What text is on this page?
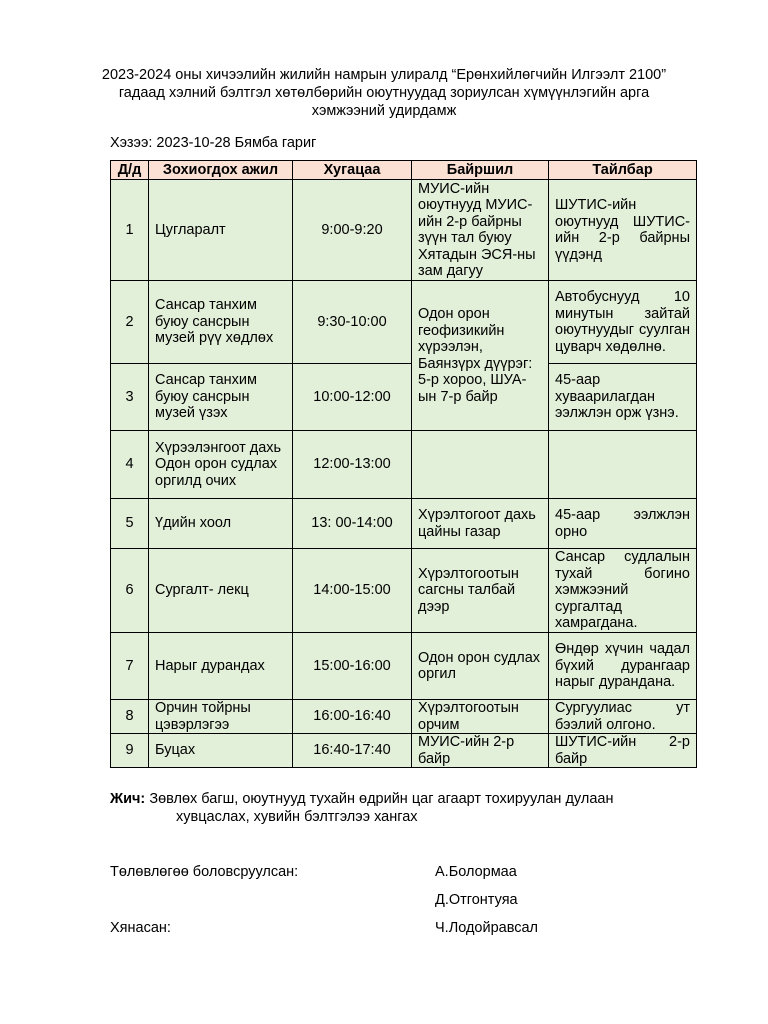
2023-2024 оны хичээлийн жилийн намрын улиралд “Ерөнхийлөгчийн Илгээлт 2100” гадаад хэлний бэлтгэл хөтөлбөрийн оюутнуудад зориулсан хүмүүнлэгийн арга хэмжээний удирдамж
Хэзээ: 2023-10-28 Бямба гариг
Д/д	Зохиогдох ажил	Хугацаа	Байршил	Тайлбар
1	Цугларалт	9:00-9:20	МУИС-ийн оюутнууд МУИС-ийн 2-р байрны зүүн тал буюу Хятадын ЭСЯ-ны зам дагуу	ШУТИС-ийн оюутнууд ШУТИС-ийн 2-р байрны үүдэнд
2	Сансар танхим буюу сансрын музей рүү хөдлөх	9:30-10:00	Одон орон геофизикийн хүрээлэн, Баянзүрх дүүрэг: 5-р хороо, ШУА-ын 7-р байр	Автобуснууд 10 минутын зайтай оюутнуудыг суулган цуварч хөдөлнө.
3	Сансар танхим буюу сансрын музей үзэх	10:00-12:00		45-аар хуваарилагдан ээлжлэн орж үзнэ.
4	Хүрээлэнгоот дахь Одон орон судлах оргилд очих	12:00-13:00		
5	Үдийн хоол	13: 00-14:00	Хүрэлтогоот дахь цайны газар	45-аар ээлжлэн орно
6	Сургалт- лекц	14:00-15:00	Хүрэлтогоотын сагсны талбай дээр	Сансар судлалын тухай богино хэмжээний сургалтад хамрагдана.
7	Нарыг дурандах	15:00-16:00	Одон орон судлах оргил	Өндөр хүчин чадал бүхий дурангаар нарыг дурандана.
8	Орчин тойрны цэвэрлэгээ	16:00-16:40	Хүрэлтогоотын орчим	Сургуулиас ут бээлий олгоно.
9	Буцах	16:40-17:40	МУИС-ийн 2-р байр	ШУТИС-ийн 2-р байр
Жич: Зөвлөх багш, оюутнууд тухайн өдрийн цаг агаарт тохируулан дулаан
хувцаслах, хувийн бэлтгэлээ хангах
Төлөвлөгөө боловсруулсан:	А.Болормаа
Д.Отгонтуяа
Хянасан:	Ч.Лодойравсал
